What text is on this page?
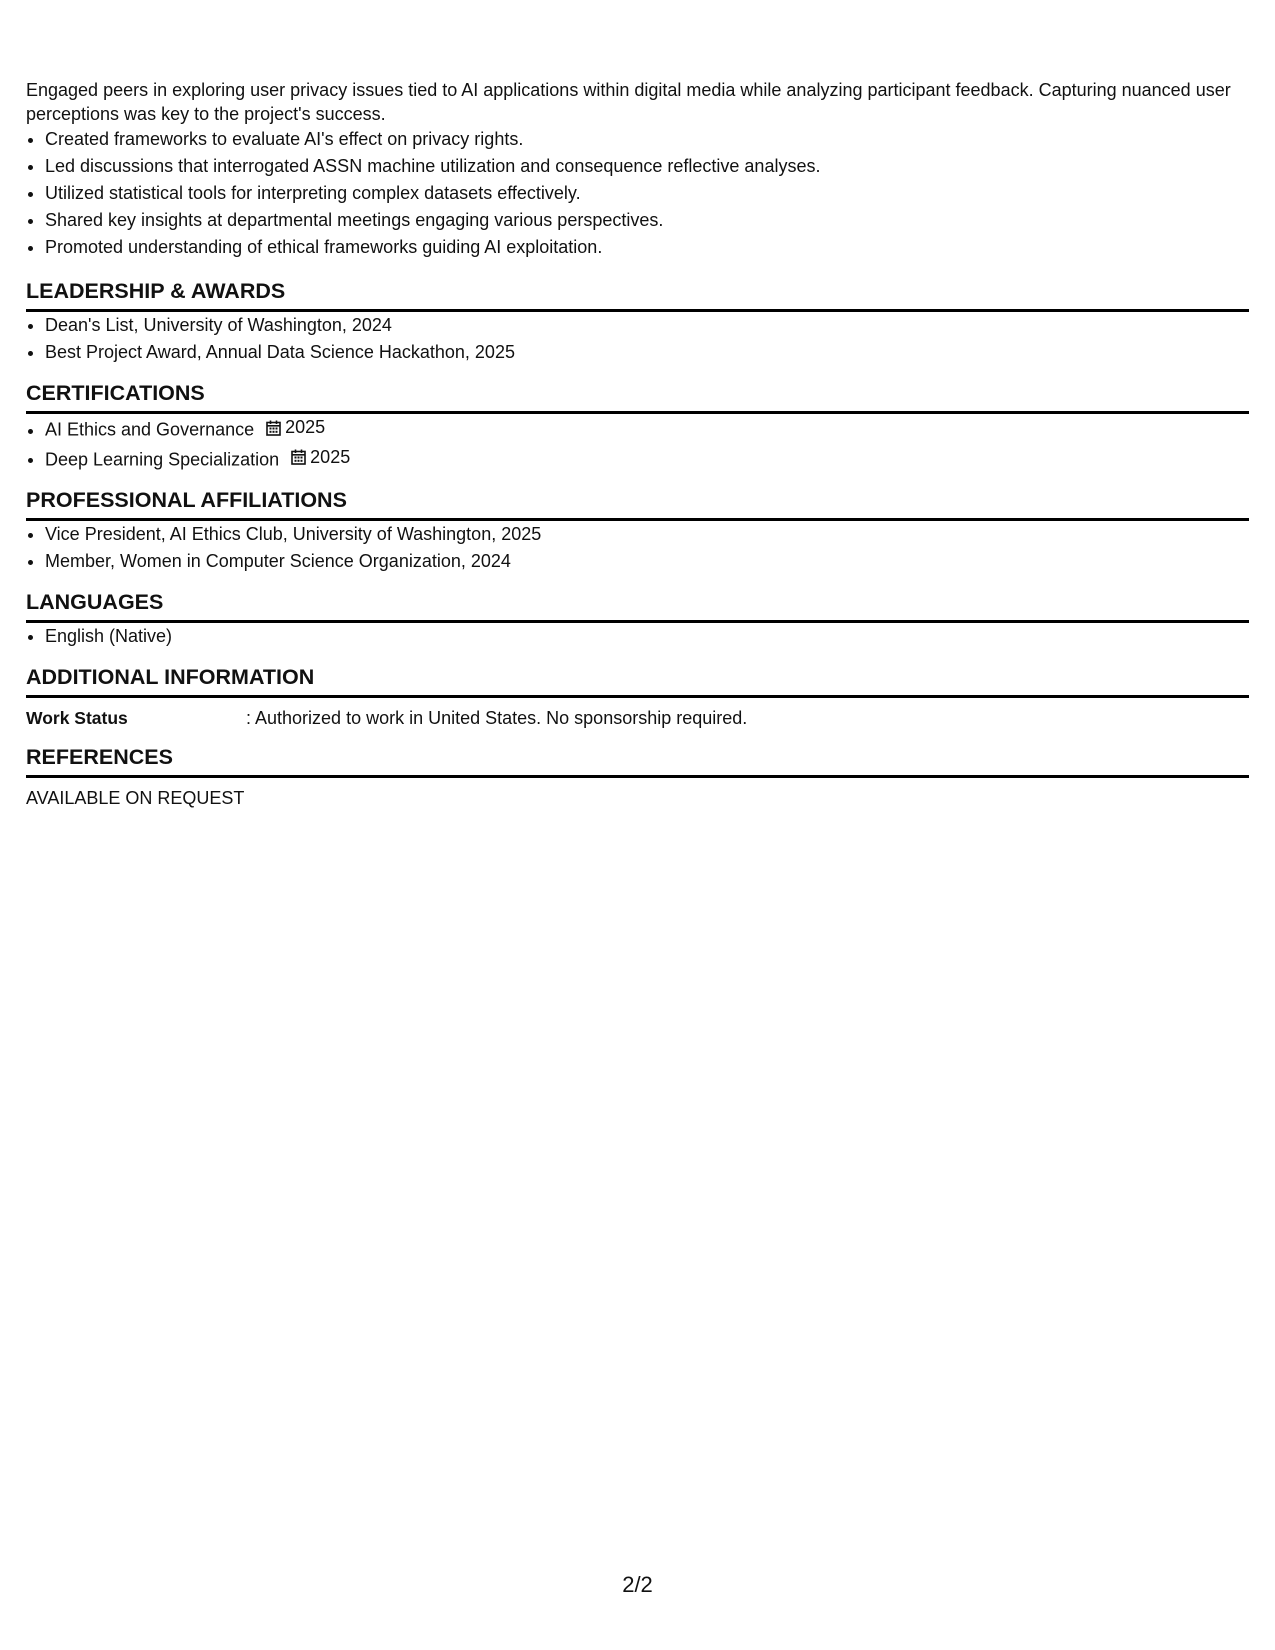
Engaged peers in exploring user privacy issues tied to AI applications within digital media while analyzing participant feedback. Capturing nuanced user perceptions was key to the project's success.

• Created frameworks to evaluate AI's effect on privacy rights.
• Led discussions that interrogated ASSN machine utilization and consequence reflective analyses.
• Utilized statistical tools for interpreting complex datasets effectively.
• Shared key insights at departmental meetings engaging various perspectives.
• Promoted understanding of ethical frameworks guiding AI exploitation.
LEADERSHIP & AWARDS
• Dean's List, University of Washington, 2024
• Best Project Award, Annual Data Science Hackathon, 2025
CERTIFICATIONS
• AI Ethics and Governance 2025
• Deep Learning Specialization 2025
PROFESSIONAL AFFILIATIONS
• Vice President, AI Ethics Club, University of Washington, 2025
• Member, Women in Computer Science Organization, 2024
LANGUAGES
• English (Native)
ADDITIONAL INFORMATION
Work Status	: Authorized to work in United States. No sponsorship required.
REFERENCES
AVAILABLE ON REQUEST
2/2
